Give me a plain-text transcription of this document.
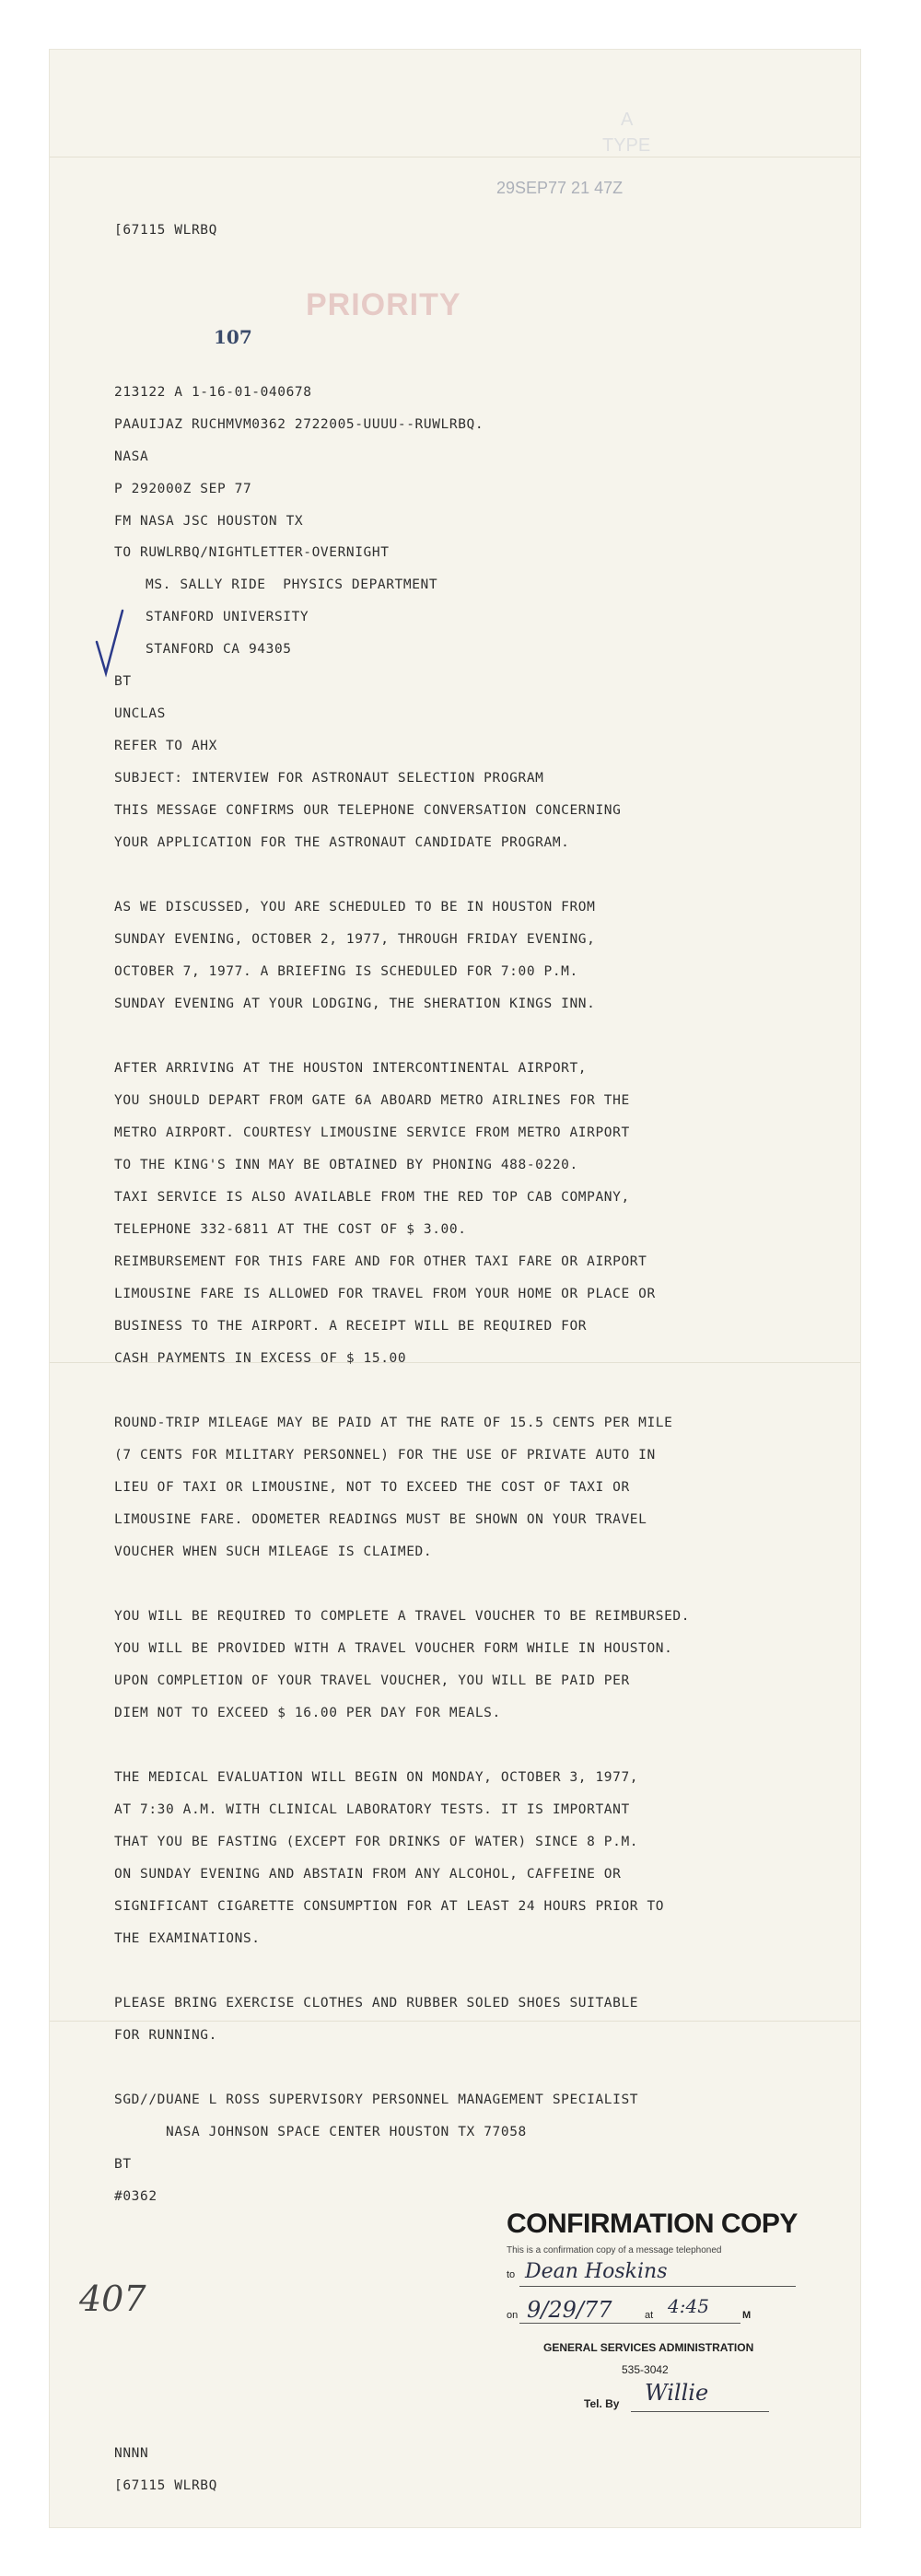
A
TYPE
29SEP77 21 47Z
[67115 WLRBQ
PRIORITY
107
213122 A 1-16-01-040678
PAAUIJAZ RUCHMVM0362 2722005-UUUU--RUWLRBQ.
NASA
P 292000Z SEP 77
FM NASA JSC HOUSTON TX
TO RUWLRBQ/NIGHTLETTER-OVERNIGHT
MS. SALLY RIDE  PHYSICS DEPARTMENT
STANFORD UNIVERSITY
STANFORD CA 94305
BT
UNCLAS
REFER TO AHX
SUBJECT: INTERVIEW FOR ASTRONAUT SELECTION PROGRAM
THIS MESSAGE CONFIRMS OUR TELEPHONE CONVERSATION CONCERNING
YOUR APPLICATION FOR THE ASTRONAUT CANDIDATE PROGRAM.
AS WE DISCUSSED, YOU ARE SCHEDULED TO BE IN HOUSTON FROM
SUNDAY EVENING, OCTOBER 2, 1977, THROUGH FRIDAY EVENING,
OCTOBER 7, 1977. A BRIEFING IS SCHEDULED FOR 7:00 P.M.
SUNDAY EVENING AT YOUR LODGING, THE SHERATION KINGS INN.
AFTER ARRIVING AT THE HOUSTON INTERCONTINENTAL AIRPORT,
YOU SHOULD DEPART FROM GATE 6A ABOARD METRO AIRLINES FOR THE
METRO AIRPORT. COURTESY LIMOUSINE SERVICE FROM METRO AIRPORT
TO THE KING'S INN MAY BE OBTAINED BY PHONING 488-0220.
TAXI SERVICE IS ALSO AVAILABLE FROM THE RED TOP CAB COMPANY,
TELEPHONE 332-6811 AT THE COST OF $ 3.00.
REIMBURSEMENT FOR THIS FARE AND FOR OTHER TAXI FARE OR AIRPORT
LIMOUSINE FARE IS ALLOWED FOR TRAVEL FROM YOUR HOME OR PLACE OR
BUSINESS TO THE AIRPORT. A RECEIPT WILL BE REQUIRED FOR
CASH PAYMENTS IN EXCESS OF $ 15.00
ROUND-TRIP MILEAGE MAY BE PAID AT THE RATE OF 15.5 CENTS PER MILE
(7 CENTS FOR MILITARY PERSONNEL) FOR THE USE OF PRIVATE AUTO IN
LIEU OF TAXI OR LIMOUSINE, NOT TO EXCEED THE COST OF TAXI OR
LIMOUSINE FARE. ODOMETER READINGS MUST BE SHOWN ON YOUR TRAVEL
VOUCHER WHEN SUCH MILEAGE IS CLAIMED.
YOU WILL BE REQUIRED TO COMPLETE A TRAVEL VOUCHER TO BE REIMBURSED.
YOU WILL BE PROVIDED WITH A TRAVEL VOUCHER FORM WHILE IN HOUSTON.
UPON COMPLETION OF YOUR TRAVEL VOUCHER, YOU WILL BE PAID PER
DIEM NOT TO EXCEED $ 16.00 PER DAY FOR MEALS.
THE MEDICAL EVALUATION WILL BEGIN ON MONDAY, OCTOBER 3, 1977,
AT 7:30 A.M. WITH CLINICAL LABORATORY TESTS. IT IS IMPORTANT
THAT YOU BE FASTING (EXCEPT FOR DRINKS OF WATER) SINCE 8 P.M.
ON SUNDAY EVENING AND ABSTAIN FROM ANY ALCOHOL, CAFFEINE OR
SIGNIFICANT CIGARETTE CONSUMPTION FOR AT LEAST 24 HOURS PRIOR TO
THE EXAMINATIONS.
PLEASE BRING EXERCISE CLOTHES AND RUBBER SOLED SHOES SUITABLE
FOR RUNNING.
SGD//DUANE L ROSS SUPERVISORY PERSONNEL MANAGEMENT SPECIALIST
NASA JOHNSON SPACE CENTER HOUSTON TX 77058
BT
#0362
407
NNNN
[67115 WLRBQ
CONFIRMATION COPY
This is a confirmation copy of a message telephoned
to Dean Hoskins
on 9/29/77	at 4:45	M
GENERAL SERVICES ADMINISTRATION
535-3042
Tel. By Willie
